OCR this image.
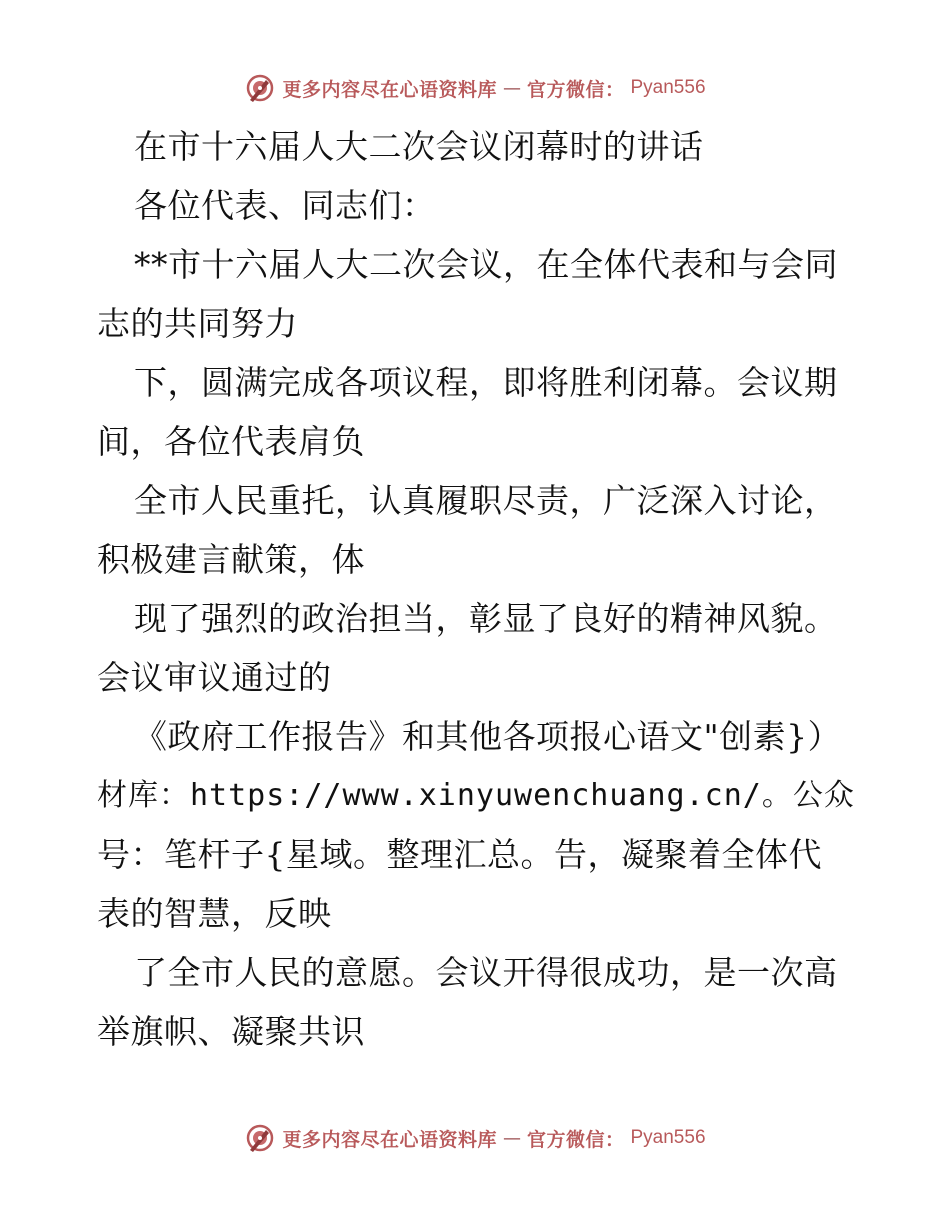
更多内容尽在心语资料库 — 官方微信： Pyan556
在市十六届人大二次会议闭幕时的讲话
各位代表、同志们：
**市十六届人大二次会议，在全体代表和与会同
志的共同努力
下，圆满完成各项议程，即将胜利闭幕。会议期
间，各位代表肩负
全市人民重托，认真履职尽责，广泛深入讨论，
积极建言献策，体
现了强烈的政治担当，彰显了良好的精神风貌。
会议审议通过的
《政府工作报告》和其他各项报心语文"创素}）
材库：https://www.xinyuwenchuang.cn/。公众
号：笔杆子{星域。整理汇总。告，凝聚着全体代
表的智慧，反映
了全市人民的意愿。会议开得很成功，是一次高
举旗帜、凝聚共识
更多内容尽在心语资料库 — 官方微信： Pyan556
